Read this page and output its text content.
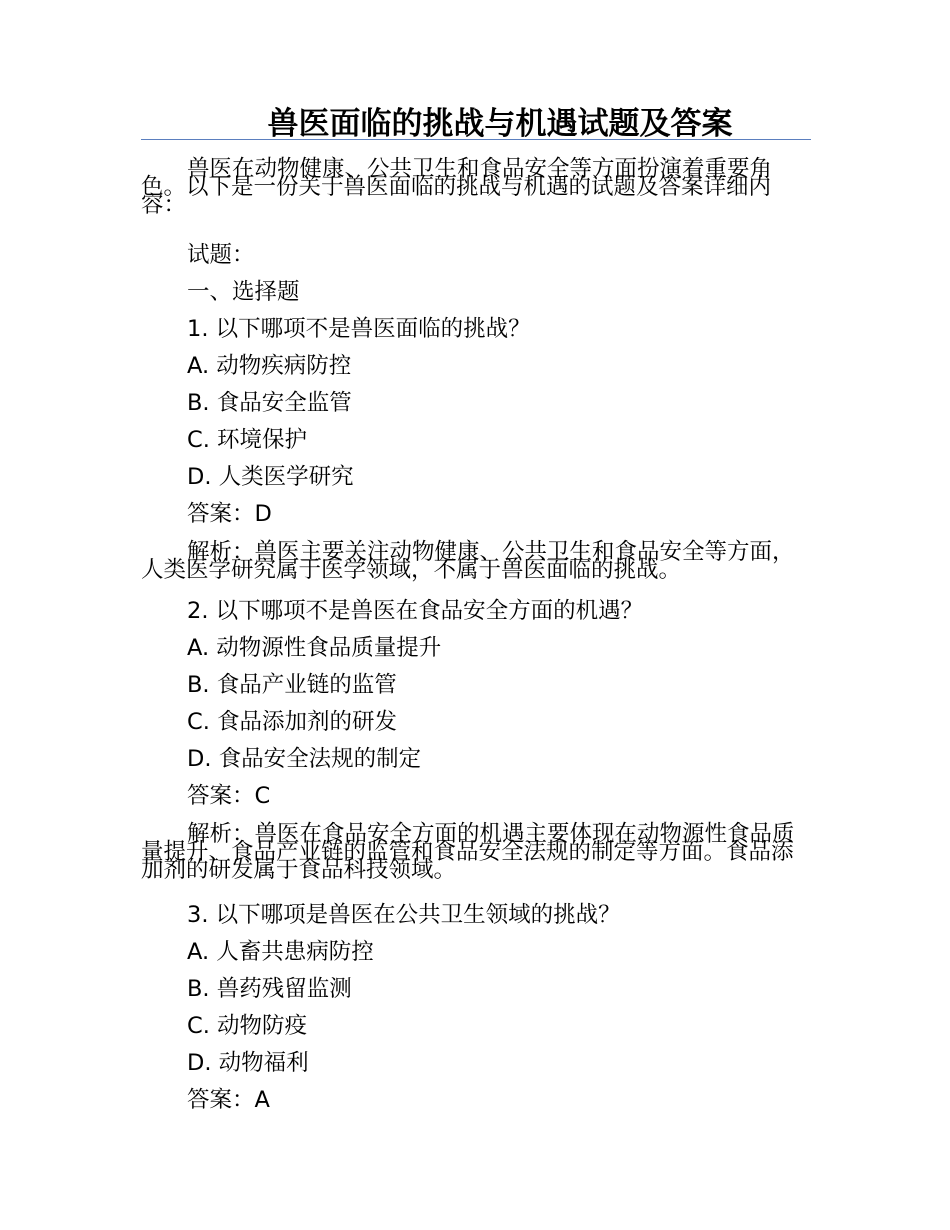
兽医面临的挑战与机遇试题及答案
兽医在动物健康、公共卫生和食品安全等方面扮演着重要角色。以下是一份关于兽医面临的挑战与机遇的试题及答案详细内容：
试题：
一、选择题
1. 以下哪项不是兽医面临的挑战？
A. 动物疾病防控
B. 食品安全监管
C. 环境保护
D. 人类医学研究
答案：D
解析：兽医主要关注动物健康、公共卫生和食品安全等方面，人类医学研究属于医学领域，不属于兽医面临的挑战。
2. 以下哪项不是兽医在食品安全方面的机遇？
A. 动物源性食品质量提升
B. 食品产业链的监管
C. 食品添加剂的研发
D. 食品安全法规的制定
答案：C
解析：兽医在食品安全方面的机遇主要体现在动物源性食品质量提升、食品产业链的监管和食品安全法规的制定等方面。食品添加剂的研发属于食品科技领域。
3. 以下哪项是兽医在公共卫生领域的挑战？
A. 人畜共患病防控
B. 兽药残留监测
C. 动物防疫
D. 动物福利
答案：A
